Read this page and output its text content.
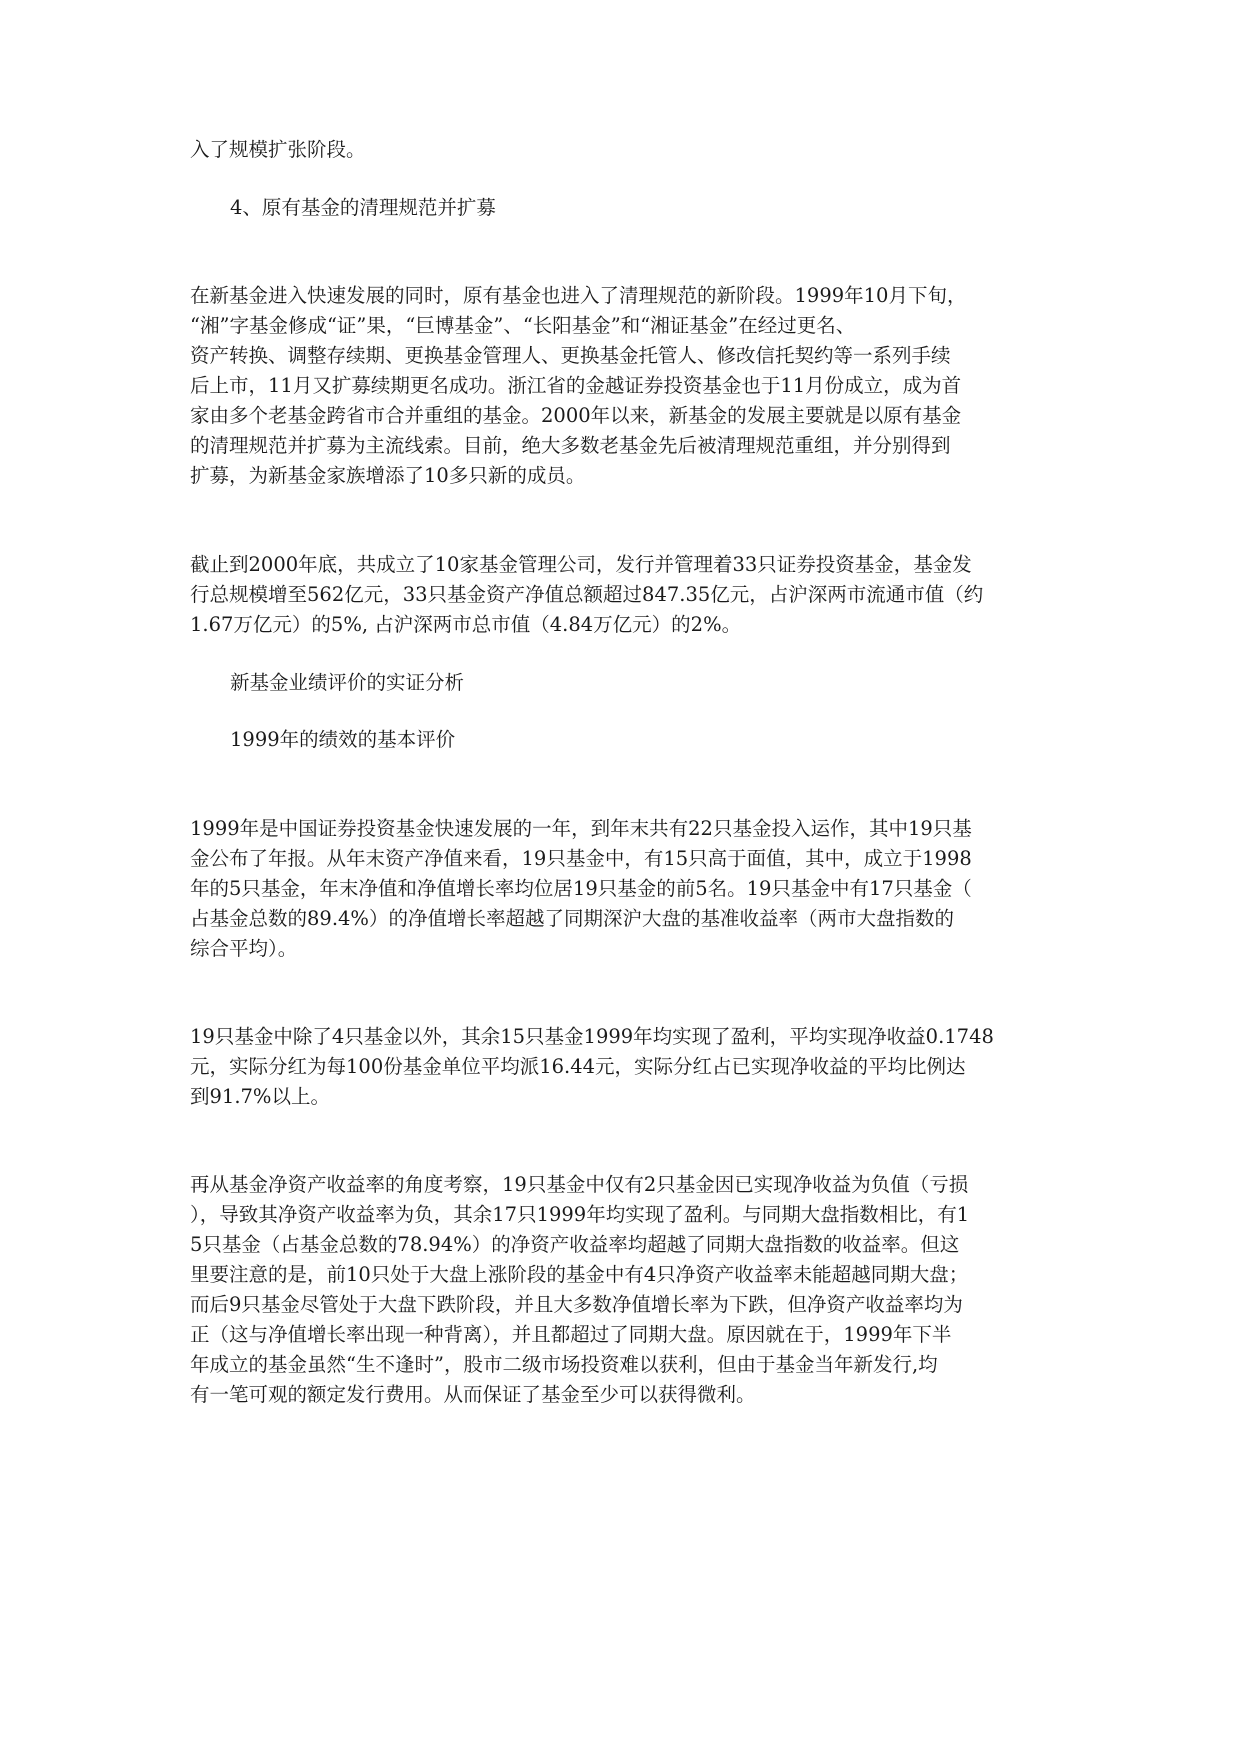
入了规模扩张阶段。
4、原有基金的清理规范并扩募
在新基金进入快速发展的同时，原有基金也进入了清理规范的新阶段。1999年10月下旬，
“湘”字基金修成“证”果，“巨博基金”、“长阳基金”和“湘证基金”在经过更名、
资产转换、调整存续期、更换基金管理人、更换基金托管人、修改信托契约等一系列手续
后上市，11月又扩募续期更名成功。浙江省的金越证券投资基金也于11月份成立，成为首
家由多个老基金跨省市合并重组的基金。2000年以来，新基金的发展主要就是以原有基金
的清理规范并扩募为主流线索。目前，绝大多数老基金先后被清理规范重组，并分别得到
扩募，为新基金家族增添了10多只新的成员。
截止到2000年底，共成立了10家基金管理公司，发行并管理着33只证券投资基金，基金发
行总规模增至562亿元，33只基金资产净值总额超过847.35亿元，占沪深两市流通市值（约
1.67万亿元）的5%, 占沪深两市总市值（4.84万亿元）的2%。
新基金业绩评价的实证分析
1999年的绩效的基本评价
1999年是中国证券投资基金快速发展的一年，到年末共有22只基金投入运作，其中19只基
金公布了年报。从年末资产净值来看，19只基金中，有15只高于面值，其中，成立于1998
年的5只基金，年末净值和净值增长率均位居19只基金的前5名。19只基金中有17只基金（
占基金总数的89.4%）的净值增长率超越了同期深沪大盘的基准收益率（两市大盘指数的
综合平均）。
19只基金中除了4只基金以外，其余15只基金1999年均实现了盈利，平均实现净收益0.1748
元，实际分红为每100份基金单位平均派16.44元，实际分红占已实现净收益的平均比例达
到91.7%以上。
再从基金净资产收益率的角度考察，19只基金中仅有2只基金因已实现净收益为负值（亏损
），导致其净资产收益率为负，其余17只1999年均实现了盈利。与同期大盘指数相比，有1
5只基金（占基金总数的78.94%）的净资产收益率均超越了同期大盘指数的收益率。但这
里要注意的是，前10只处于大盘上涨阶段的基金中有4只净资产收益率未能超越同期大盘；
而后9只基金尽管处于大盘下跌阶段，并且大多数净值增长率为下跌，但净资产收益率均为
正（这与净值增长率出现一种背离），并且都超过了同期大盘。原因就在于，1999年下半
年成立的基金虽然“生不逢时”，股市二级市场投资难以获利，但由于基金当年新发行,均
有一笔可观的额定发行费用。从而保证了基金至少可以获得微利。
